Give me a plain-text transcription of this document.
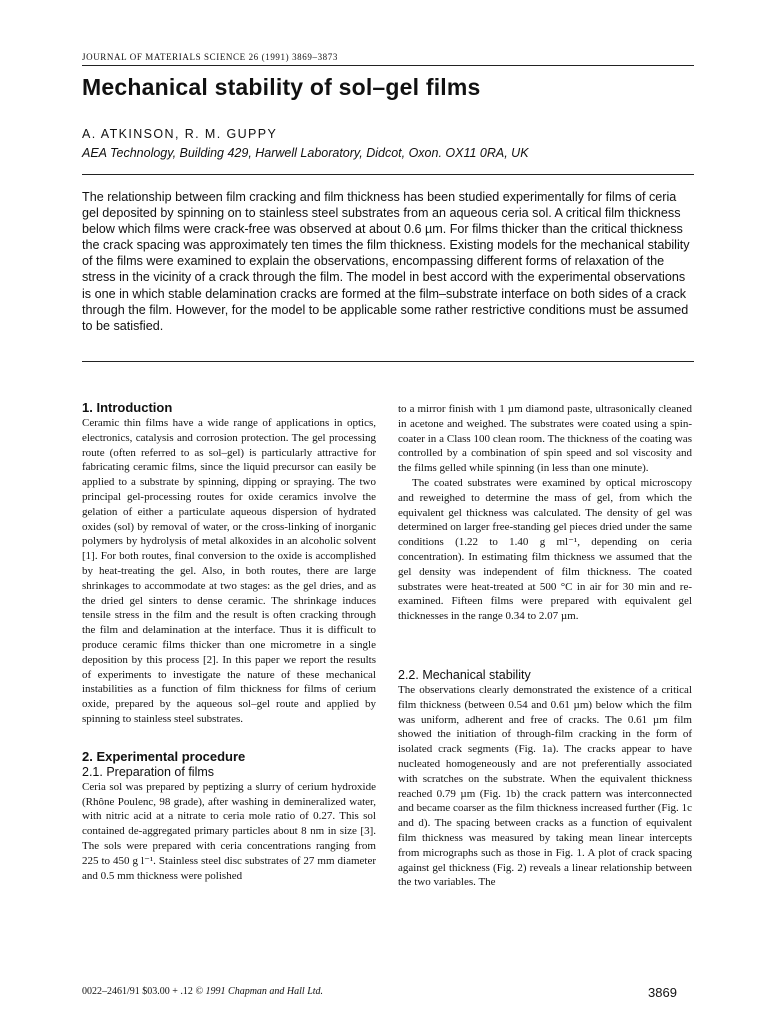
JOURNAL OF MATERIALS SCIENCE 26 (1991) 3869–3873
Mechanical stability of sol–gel films
A. ATKINSON, R. M. GUPPY
AEA Technology, Building 429, Harwell Laboratory, Didcot, Oxon. OX11 0RA, UK

The relationship between film cracking and film thickness has been studied experimentally for films of ceria gel deposited by spinning on to stainless steel substrates from an aqueous ceria sol. A critical film thickness below which films were crack-free was observed at about 0.6 µm. For films thicker than the critical thickness the crack spacing was approximately ten times the film thickness. Existing models for the mechanical stability of the films were examined to explain the observations, encompassing different forms of relaxation of the stress in the vicinity of a crack through the film. The model in best accord with the experimental observations is one in which stable delamination cracks are formed at the film–substrate interface on both sides of a crack through the film. However, for the model to be applicable some rather restrictive conditions must be assumed to be satisfied.

1. Introduction

Ceramic thin films have a wide range of applications in optics, electronics, catalysis and corrosion protection. The gel processing route (often referred to as sol–gel) is particularly attractive for fabricating ceramic films, since the liquid precursor can easily be applied to a substrate by spinning, dipping or spraying. The two principal gel-processing routes for oxide ceramics involve the gelation of either a particulate aqueous dispersion of hydrated oxides (sol) by removal of water, or the cross-linking of inorganic polymers by hydrolysis of metal alkoxides in an alcoholic solvent [1]. For both routes, final conversion to the oxide is accomplished by heat-treating the gel. Also, in both routes, there are large shrinkages to accommodate at two stages: as the gel dries, and as the dried gel sinters to dense ceramic. The shrinkage induces tensile stress in the film and the result is often cracking through the film and delamination at the interface. Thus it is difficult to produce ceramic films thicker than one micrometre in a single deposition by this process [2]. In this paper we report the results of experiments to investigate the nature of these mechanical instabilities as a function of film thickness for films of cerium oxide, prepared by the aqueous sol–gel route and applied by spinning to stainless steel substrates.

2. Experimental procedure
2.1. Preparation of films

Ceria sol was prepared by peptizing a slurry of cerium hydroxide (Rhône Poulenc, 98 grade), after washing in demineralized water, with nitric acid at a nitrate to ceria mole ratio of 0.27. This sol contained de-aggregated primary particles about 8 nm in size [3]. The sols were prepared with ceria concentrations ranging from 225 to 450 g l⁻¹. Stainless steel disc substrates of 27 mm diameter and 0.5 mm thickness were polished

to a mirror finish with 1 µm diamond paste, ultrasonically cleaned in acetone and weighed. The substrates were coated using a spin-coater in a Class 100 clean room. The thickness of the coating was controlled by a combination of spin speed and sol viscosity and the films gelled while spinning (in less than one minute).

The coated substrates were examined by optical microscopy and reweighed to determine the mass of gel, from which the equivalent gel thickness was calculated. The density of gel was determined on larger free-standing gel pieces dried under the same conditions (1.22 to 1.40 g ml⁻¹, depending on ceria concentration). In estimating film thickness we assumed that the gel density was independent of film thickness. The coated substrates were heat-treated at 500 °C in air for 30 min and re-examined. Fifteen films were prepared with equivalent gel thicknesses in the range 0.34 to 2.07 µm.

2.2. Mechanical stability

The observations clearly demonstrated the existence of a critical film thickness (between 0.54 and 0.61 µm) below which the film was uniform, adherent and free of cracks. The 0.61 µm film showed the initiation of through-film cracking in the form of isolated crack segments (Fig. 1a). The cracks appear to have nucleated homogeneously and are not preferentially associated with scratches on the substrate. When the equivalent thickness reached 0.79 µm (Fig. 1b) the crack pattern was interconnected and became coarser as the film thickness increased further (Fig. 1c and d). The spacing between cracks as a function of equivalent film thickness was measured by taking mean linear intercepts from micrographs such as those in Fig. 1. A plot of crack spacing against gel thickness (Fig. 2) reveals a linear relationship between the two variables. The

0022–2461/91 $03.00 + .12 © 1991 Chapman and Hall Ltd.	3869
